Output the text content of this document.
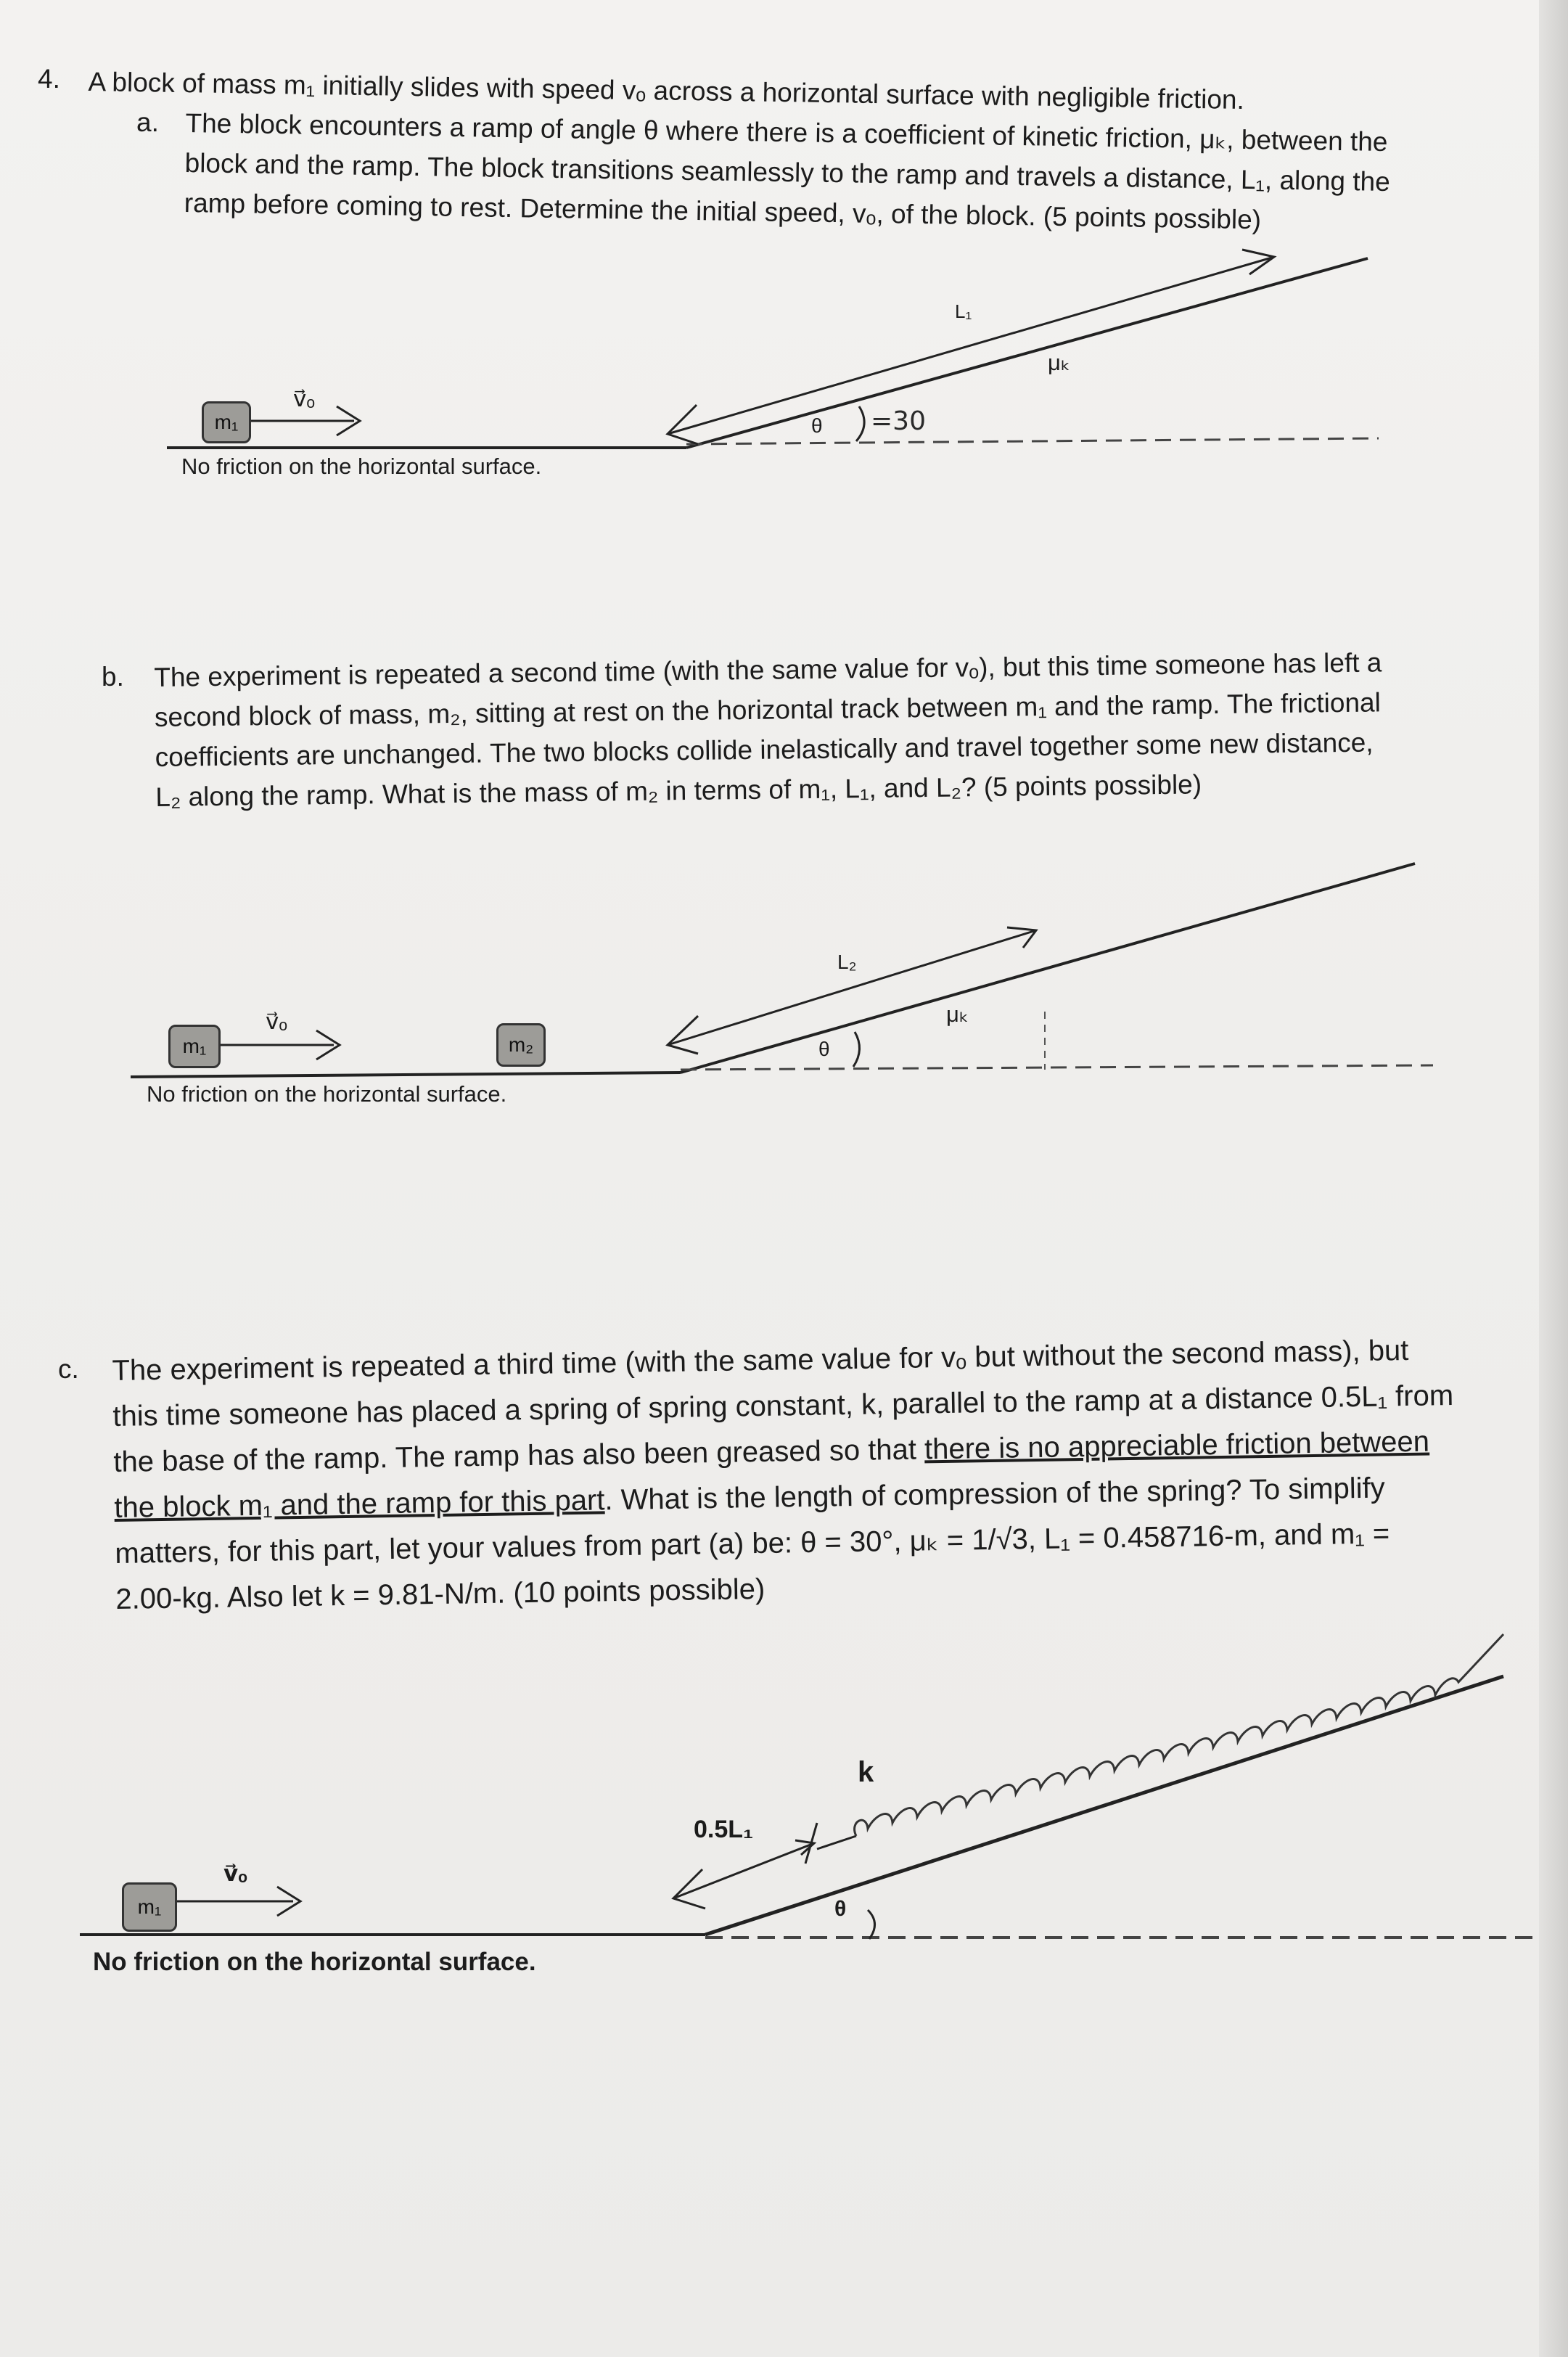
4. A block of mass m₁ initially slides with speed vₒ across a horizontal surface with negligible friction.
a. The block encounters a ramp of angle θ where there is a coefficient of kinetic friction, μₖ, between the
block and the ramp. The block transitions seamlessly to the ramp and travels a distance, L₁, along the
ramp before coming to rest. Determine the initial speed, vₒ, of the block. (5 points possible)
m₁
v⃗ₒ
L₁
μₖ
θ =30
No friction on the horizontal surface.
b. The experiment is repeated a second time (with the same value for vₒ), but this time someone has left a
second block of mass, m₂, sitting at rest on the horizontal track between m₁ and the ramp. The frictional
coefficients are unchanged. The two blocks collide inelastically and travel together some new distance,
L₂ along the ramp. What is the mass of m₂ in terms of m₁, L₁, and L₂? (5 points possible)
m₁	m₂
v⃗ₒ
L₂
μₖ
θ
No friction on the horizontal surface.
c. The experiment is repeated a third time (with the same value for vₒ but without the second mass), but
this time someone has placed a spring of spring constant, k, parallel to the ramp at a distance 0.5L₁ from
the base of the ramp. The ramp has also been greased so that there is no appreciable friction between
the block m₁ and the ramp for this part. What is the length of compression of the spring? To simplify
matters, for this part, let your values from part (a) be: θ = 30°, μₖ = 1/√3, L₁ = 0.458716-m, and m₁ =
2.00-kg. Also let k = 9.81-N/m. (10 points possible)
m₁
v⃗ₒ
0.5L₁
k
θ
No friction on the horizontal surface.
